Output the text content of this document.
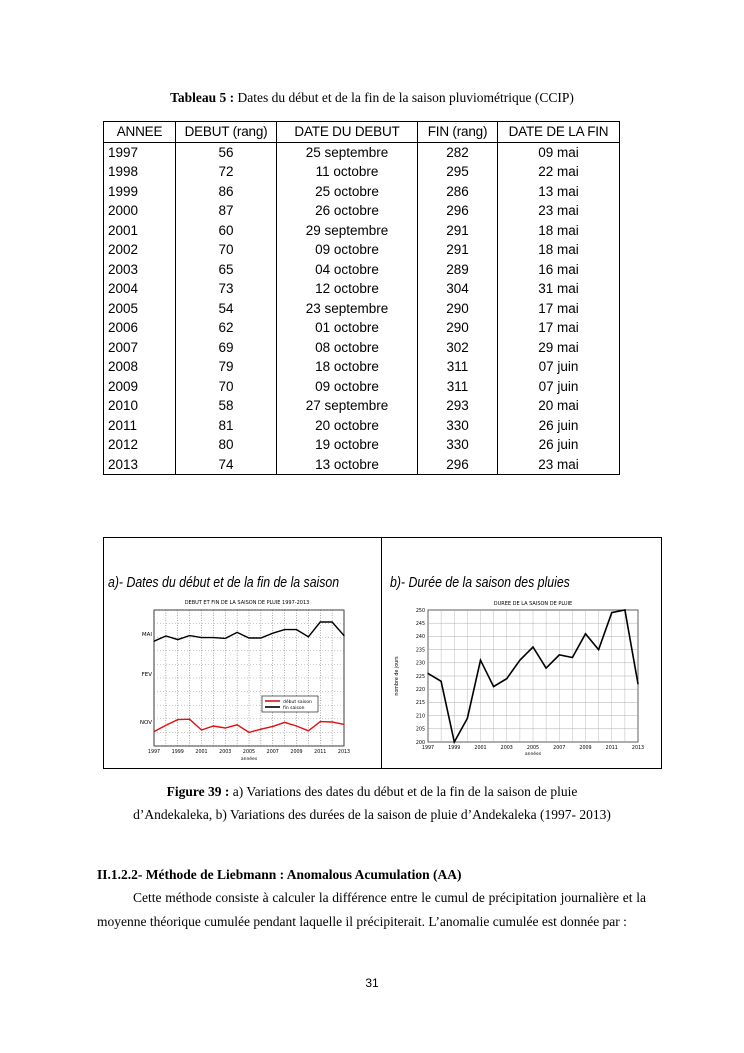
Tableau 5 : Dates du début et de la fin de la saison pluviométrique (CCIP)
ANNEE	DEBUT (rang)	DATE DU DEBUT	FIN (rang)	DATE DE LA FIN
1997	56	25 septembre	282	09 mai
1998	72	11 octobre	295	22 mai
1999	86	25 octobre	286	13 mai
2000	87	26 octobre	296	23 mai
2001	60	29 septembre	291	18 mai
2002	70	09 octobre	291	18 mai
2003	65	04 octobre	289	16 mai
2004	73	12 octobre	304	31 mai
2005	54	23 septembre	290	17 mai
2006	62	01 octobre	290	17 mai
2007	69	08 octobre	302	29 mai
2008	79	18 octobre	311	07 juin
2009	70	09 octobre	311	07 juin
2010	58	27 septembre	293	20 mai
2011	81	20 octobre	330	26 juin
2012	80	19 octobre	330	26 juin
2013	74	13 octobre	296	23 mai
a)- Dates du début et de la fin de la saison
DEBUT ET FIN DE LA SAISON DE PLUIE 1997-2013
MAI
FEV
NOV
1997 1999 2001 2003 2005 2007 2009 2011 2013
années
début saison
fin saison
b)- Durée de la saison des pluies
DUREE DE LA SAISON DE PLUIE
250
245
240
235
230
225
220
215
210
205
200
1997	1999	2001	2003	2005	2007	2009	2011	2013
années
nombre de jours
Figure 39 : a) Variations des dates du début et de la fin de la saison de pluie
d’Andekaleka, b) Variations des durées de la saison de pluie d’Andekaleka (1997- 2013)
II.1.2.2- Méthode de Liebmann : Anomalous Acumulation (AA)
Cette méthode consiste à calculer la différence entre le cumul de précipitation journalière et la moyenne théorique cumulée pendant laquelle il précipiterait. L’anomalie cumulée est donnée par :
31
